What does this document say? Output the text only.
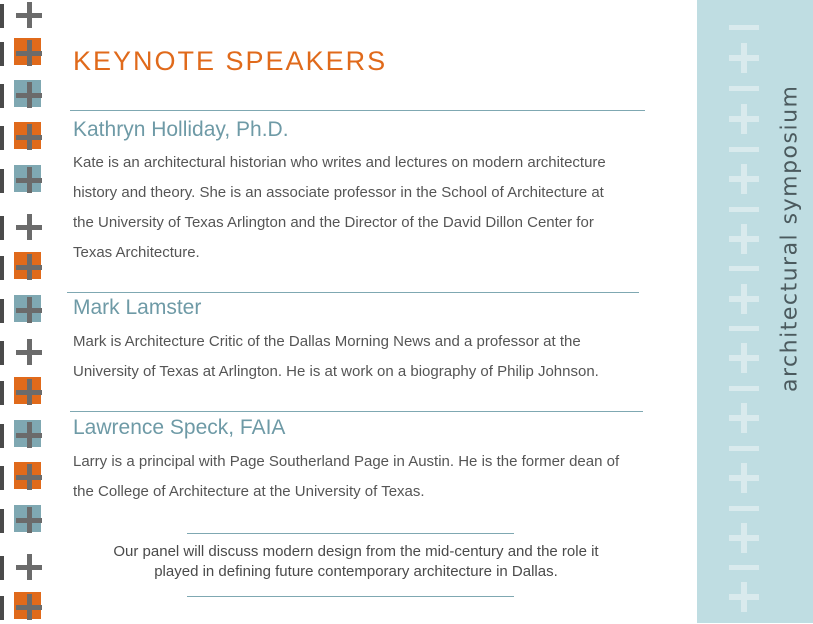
KEYNOTE SPEAKERS
Kathryn Holliday, Ph.D.
Kate is an architectural historian who writes and lectures on modern architecture
history and theory. She is an associate professor in the School of Architecture at
the University of Texas Arlington and the Director of the David Dillon Center for
Texas Architecture.
Mark Lamster
Mark is Architecture Critic of the Dallas Morning News and a professor at the
University of Texas at Arlington. He is at work on a biography of Philip Johnson.
Lawrence Speck, FAIA
Larry is a principal with Page Southerland Page in Austin. He is the former dean of
the College of Architecture at the University of Texas.
Our panel will discuss modern design from the mid-century and the role it
played in defining future contemporary architecture in Dallas.
architectural symposium
